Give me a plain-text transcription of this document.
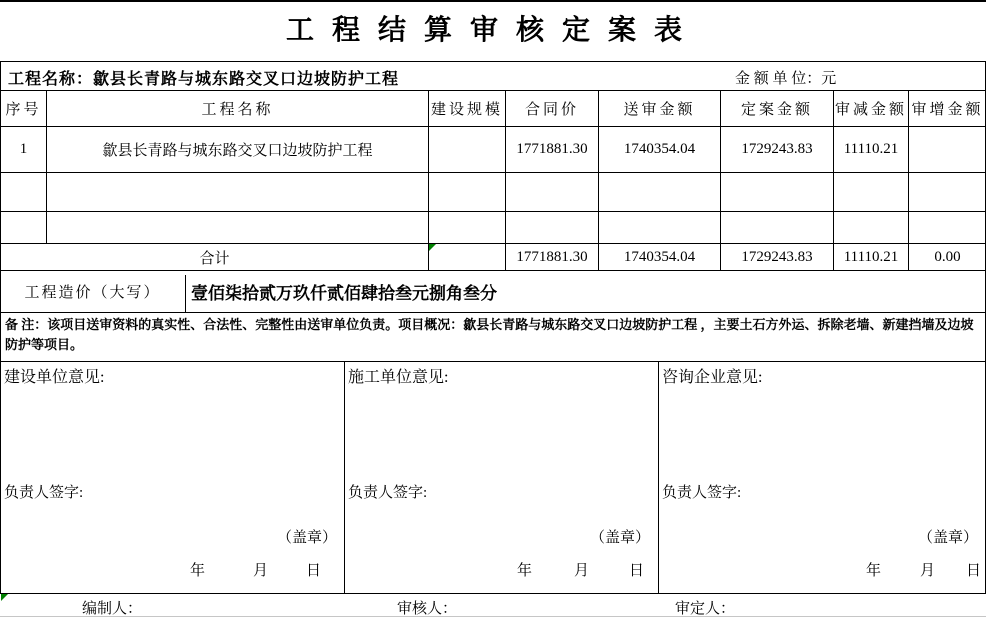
工程结算审核定案表
工程名称：歙县长青路与城东路交叉口边坡防护工程	金 额 单 位：元
序号	工程名称	建设规模	合同价	送审金额	定案金额	审减金额	审增金额
1	歙县长青路与城东路交叉口边坡防护工程		1771881.30	1740354.04	1729243.83	11110.21	

合计			1771881.30	1740354.04	1729243.83	11110.21	0.00
工程造价（大写）	壹佰柒拾贰万玖仟贰佰肆拾叁元捌角叁分
备 注：该项目送审资料的真实性、合法性、完整性由送审单位负责。项目概况：歙县长青路与城东路交叉口边坡防护工程 ，主要土石方外运、拆除老墙、新建挡墙及边坡防护等项目。
建设单位意见:	施工单位意见:	咨询企业意见:
负责人签字:	负责人签字:	负责人签字:
（盖章）	（盖章）	（盖章）
年	月	日	年	月	日	年	月 日
编制人：	审核人：	审定人：
